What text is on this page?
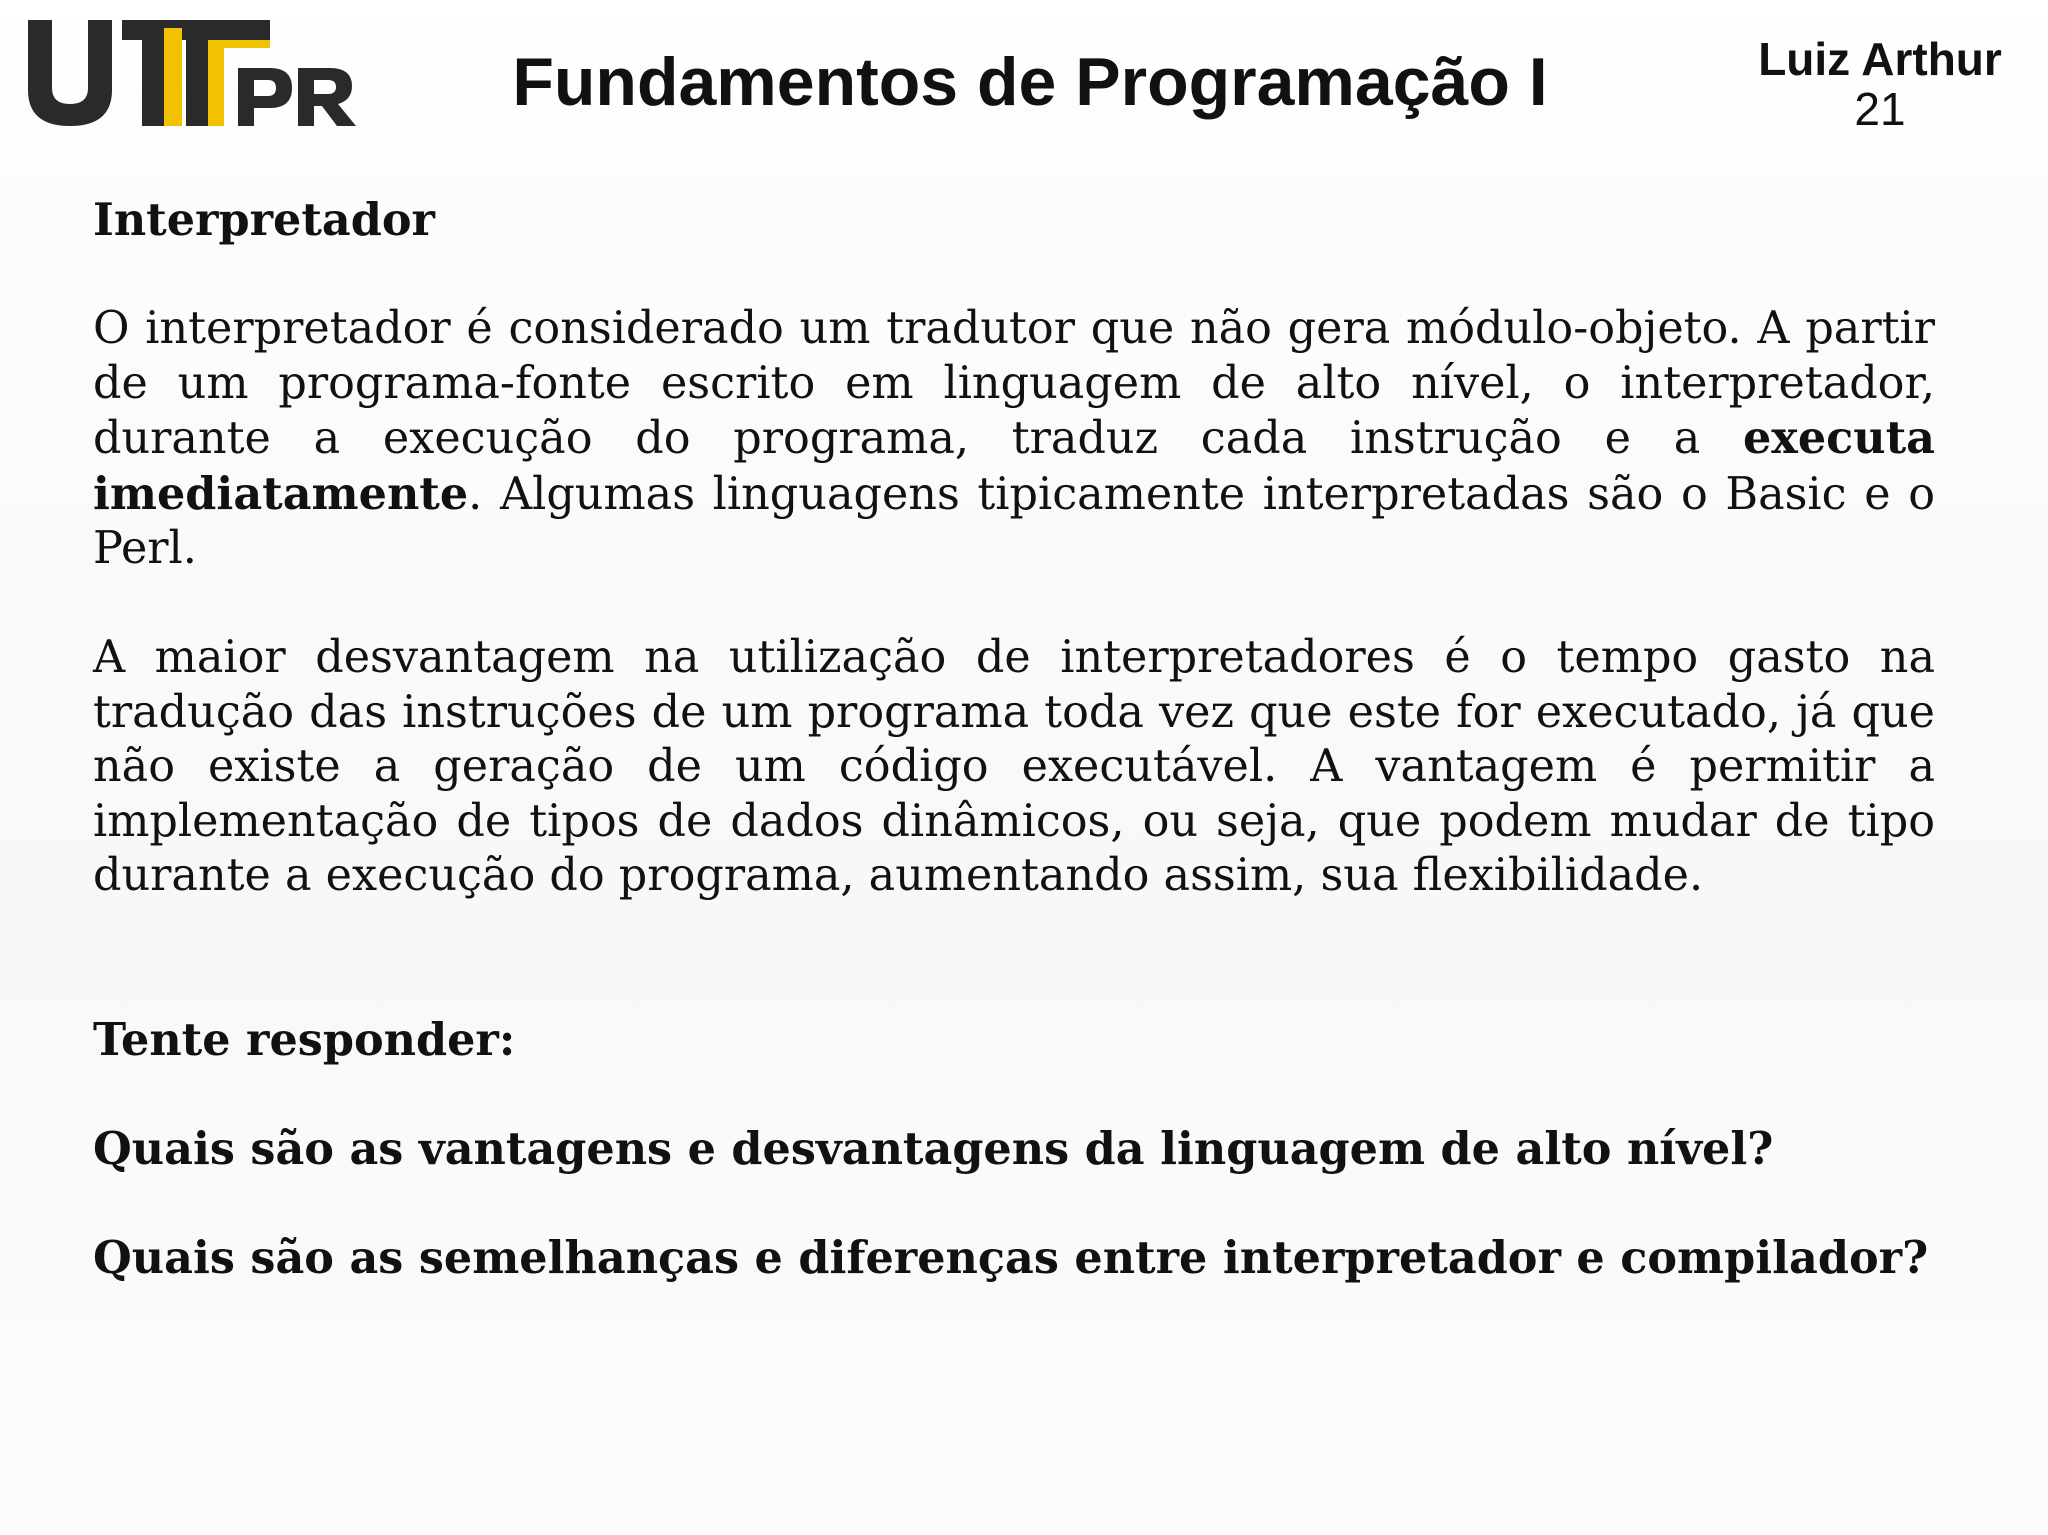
Fundamentos de Programação I	Luiz Arthur
21

Interpretador

O interpretador é considerado um tradutor que não gera módulo-objeto. A partir de um programa-fonte escrito em linguagem de alto nível, o interpretador, durante a execução do programa, traduz cada instrução e a executa imediatamente. Algumas linguagens tipicamente interpretadas são o Basic e o Perl.

A maior desvantagem na utilização de interpretadores é o tempo gasto na tradução das instruções de um programa toda vez que este for executado, já que não existe a geração de um código executável. A vantagem é permitir a implementação de tipos de dados dinâmicos, ou seja, que podem mudar de tipo durante a execução do programa, aumentando assim, sua flexibilidade.

Tente responder:

Quais são as vantagens e desvantagens da linguagem de alto nível?

Quais são as semelhanças e diferenças entre interpretador e compilador?
